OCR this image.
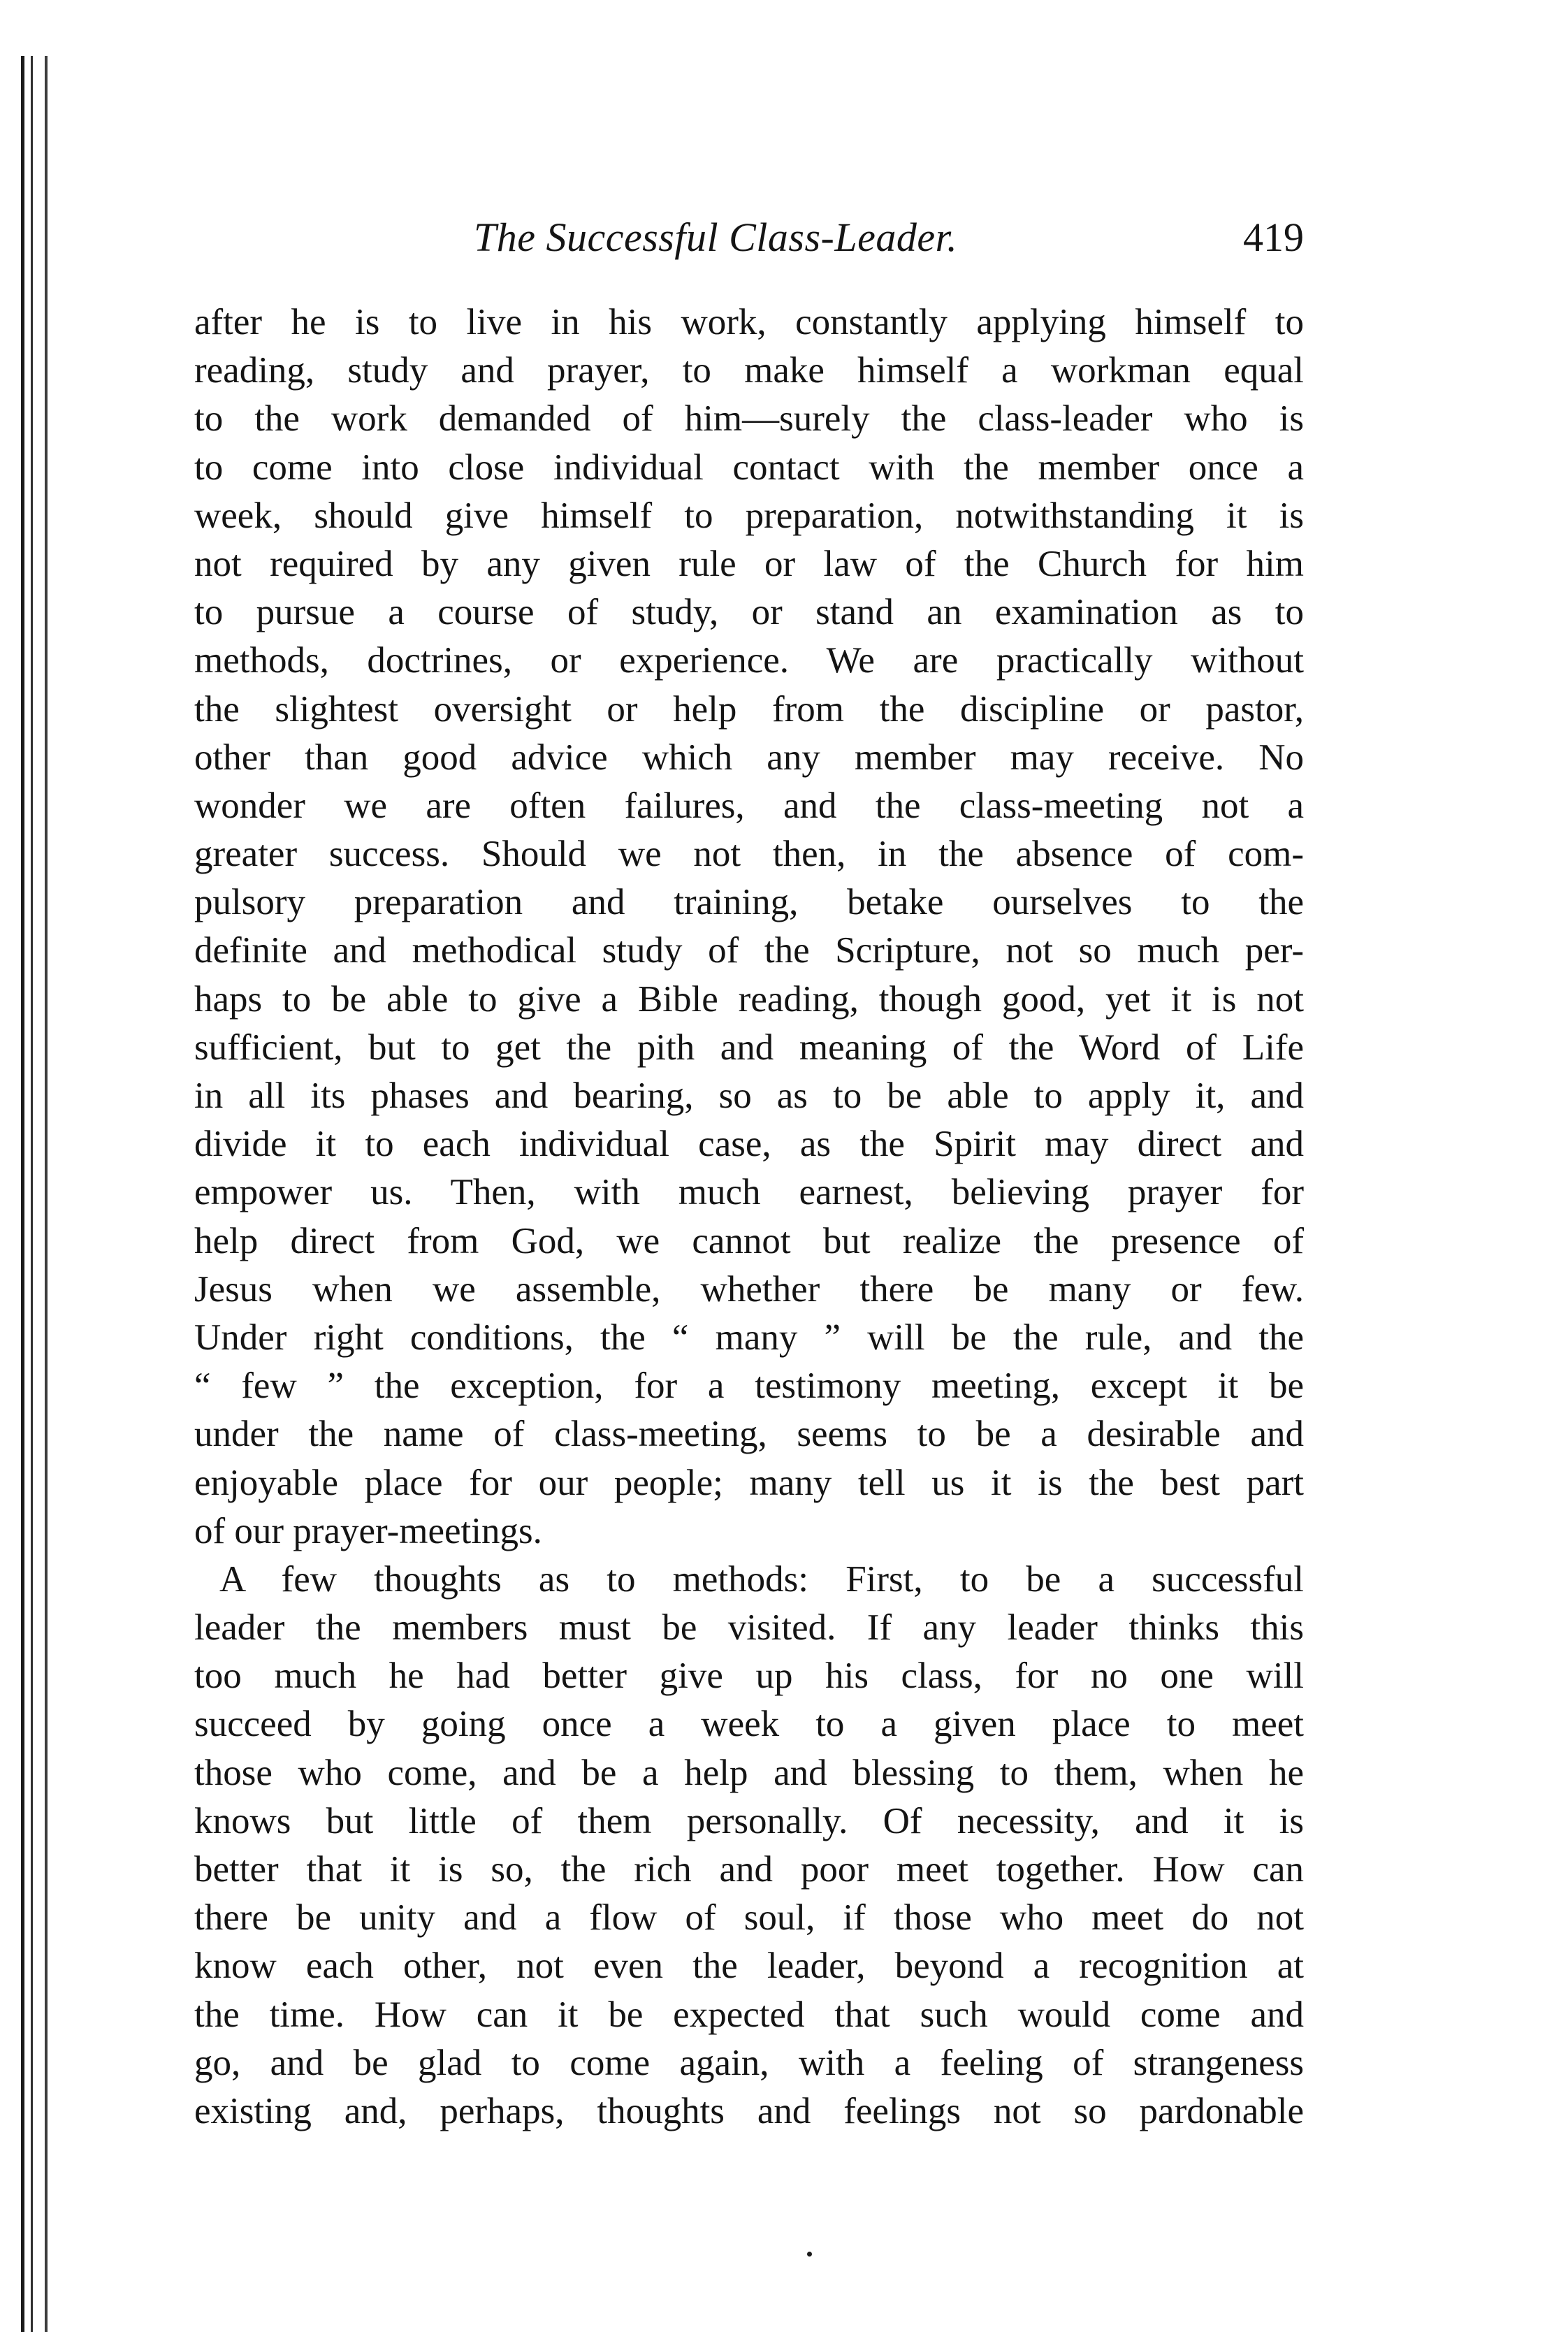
The Successful Class-Leader.	419
after he is to live in his work, constantly applying himself to
reading, study and prayer, to make himself a workman equal
to the work demanded of him—surely the class-leader who is
to come into close individual contact with the member once a
week, should give himself to preparation, notwithstanding it is
not required by any given rule or law of the Church for him
to pursue a course of study, or stand an examination as to
methods, doctrines, or experience. We are practically without
the slightest oversight or help from the discipline or pastor,
other than good advice which any member may receive. No
wonder we are often failures, and the class-meeting not a
greater success. Should we not then, in the absence of com-
pulsory preparation and training, betake ourselves to the
definite and methodical study of the Scripture, not so much per-
haps to be able to give a Bible reading, though good, yet it is not
sufficient, but to get the pith and meaning of the Word of Life
in all its phases and bearing, so as to be able to apply it, and
divide it to each individual case, as the Spirit may direct and
empower us. Then, with much earnest, believing prayer for
help direct from God, we cannot but realize the presence of
Jesus when we assemble, whether there be many or few.
Under right conditions, the “ many ” will be the rule, and the
“ few ” the exception, for a testimony meeting, except it be
under the name of class-meeting, seems to be a desirable and
enjoyable place for our people; many tell us it is the best part
of our prayer-meetings.
A few thoughts as to methods: First, to be a successful
leader the members must be visited. If any leader thinks this
too much he had better give up his class, for no one will
succeed by going once a week to a given place to meet
those who come, and be a help and blessing to them, when he
knows but little of them personally. Of necessity, and it is
better that it is so, the rich and poor meet together. How can
there be unity and a flow of soul, if those who meet do not
know each other, not even the leader, beyond a recognition at
the time. How can it be expected that such would come and
go, and be glad to come again, with a feeling of strangeness
existing and, perhaps, thoughts and feelings not so pardonable
